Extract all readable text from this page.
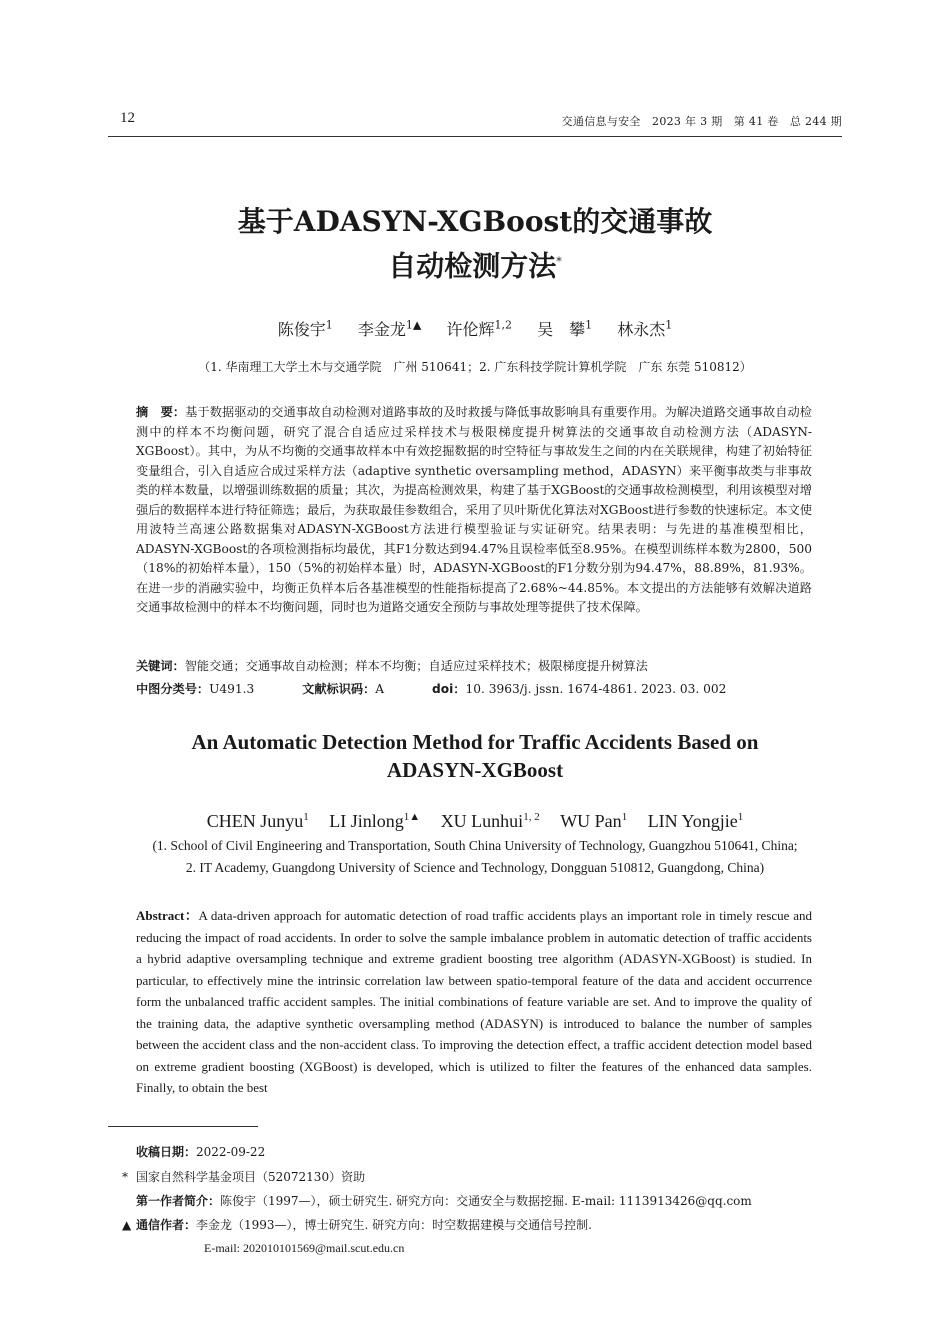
12	交通信息与安全　2023 年 3 期　第 41 卷　总 244 期
基于ADASYN-XGBoost的交通事故
自动检测方法*
陈俊宇$^1$ 李金龙$^{1▲}$ 许伦辉$^{1,2}$ 吴　攀$^1$ 林永杰$^1$
（1. 华南理工大学土木与交通学院　广州 510641；2. 广东科技学院计算机学院　广东 东莞 510812）
摘　要：基于数据驱动的交通事故自动检测对道路事故的及时救援与降低事故影响具有重要作用。为解决道路交通事故自动检测中的样本不均衡问题，研究了混合自适应过采样技术与极限梯度提升树算法的交通事故自动检测方法（ADASYN-XGBoost）。其中，为从不均衡的交通事故样本中有效挖掘数据的时空特征与事故发生之间的内在关联规律，构建了初始特征变量组合，引入自适应合成过采样方法（adaptive synthetic oversampling method，ADASYN）来平衡事故类与非事故类的样本数量，以增强训练数据的质量；其次，为提高检测效果，构建了基于XGBoost的交通事故检测模型，利用该模型对增强后的数据样本进行特征筛选；最后，为获取最佳参数组合，采用了贝叶斯优化算法对XGBoost进行参数的快速标定。本文使用波特兰高速公路数据集对ADASYN-XGBoost方法进行模型验证与实证研究。结果表明：与先进的基准模型相比，ADASYN-XGBoost的各项检测指标均最优，其F1分数达到94.47%且误检率低至8.95%。在模型训练样本数为2800，500（18%的初始样本量），150（5%的初始样本量）时，ADASYN-XGBoost的F1分数分别为94.47%，88.89%，81.93%。在进一步的消融实验中，均衡正负样本后各基准模型的性能指标提高了2.68%~44.85%。本文提出的方法能够有效解决道路交通事故检测中的样本不均衡问题，同时也为道路交通安全预防与事故处理等提供了技术保障。
关键词：智能交通；交通事故自动检测；样本不均衡；自适应过采样技术；极限梯度提升树算法
中图分类号：U491.3	文献标识码：A	doi：10. 3963/j. jssn. 1674-4861. 2023. 03. 002
An Automatic Detection Method for Traffic Accidents Based on
ADASYN-XGBoost
CHEN Junyu$^1$ LI Jinlong$^{1▲}$ XU Lunhui$^{1, 2}$ WU Pan$^1$ LIN Yongjie$^1$
(1. School of Civil Engineering and Transportation, South China University of Technology, Guangzhou 510641, China;
2. IT Academy, Guangdong University of Science and Technology, Dongguan 510812, Guangdong, China)
Abstract：A data-driven approach for automatic detection of road traffic accidents plays an important role in timely rescue and reducing the impact of road accidents. In order to solve the sample imbalance problem in automatic detection of traffic accidents a hybrid adaptive oversampling technique and extreme gradient boosting tree algorithm (ADASYN-XGBoost) is studied. In particular, to effectively mine the intrinsic correlation law between spatio-temporal feature of the data and accident occurrence form the unbalanced traffic accident samples. The initial combinations of feature variable are set. And to improve the quality of the training data, the adaptive synthetic oversampling method (ADASYN) is introduced to balance the number of samples between the accident class and the non-accident class. To improving the detection effect, a traffic accident detection model based on extreme gradient boosting (XGBoost) is developed, which is utilized to filter the features of the enhanced data samples. Finally, to obtain the best
收稿日期：2022-09-22
* 国家自然科学基金项目（52072130）资助
第一作者简介：陈俊宇（1997—），硕士研究生. 研究方向：交通安全与数据挖掘. E-mail: 1113913426@qq.com
▲ 通信作者：李金龙（1993—），博士研究生. 研究方向：时空数据建模与交通信号控制.
E-mail: 202010101569@mail.scut.edu.cn
